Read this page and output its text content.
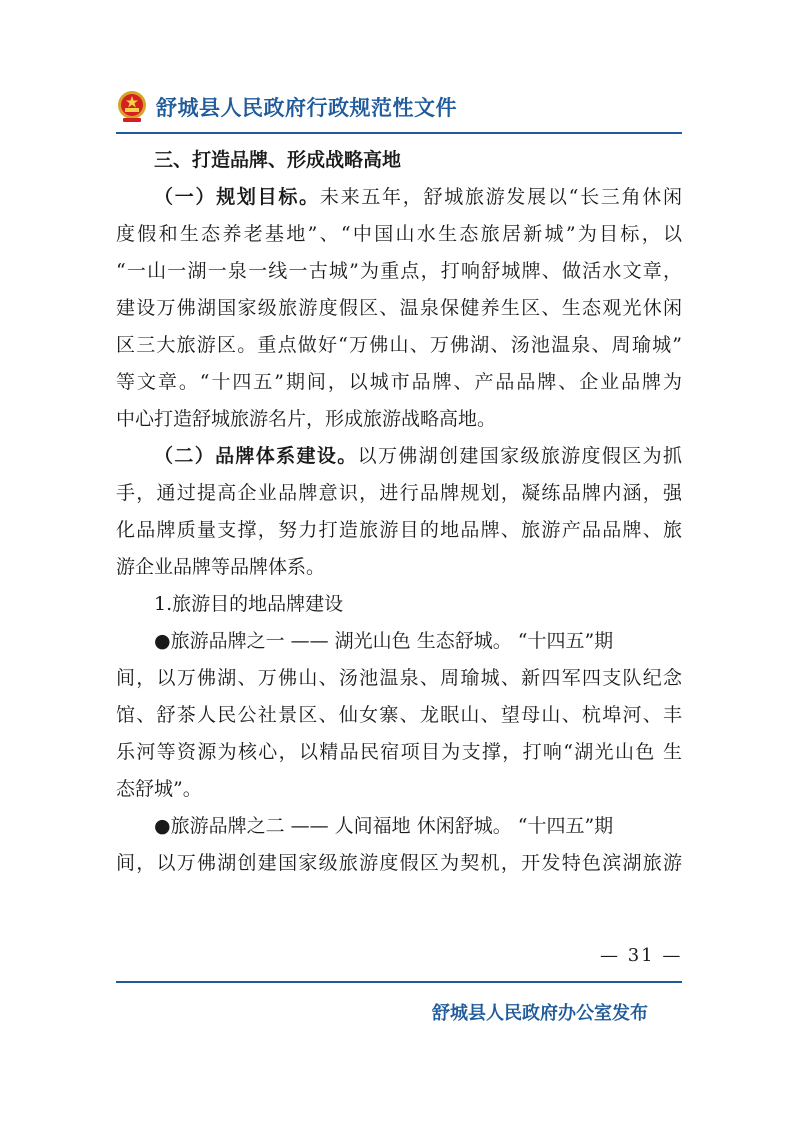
舒城县人民政府行政规范性文件
三、打造品牌、形成战略高地
（一）规划目标。未来五年，舒城旅游发展以“长三角休闲
度假和生态养老基地”、“中国山水生态旅居新城”为目标，以
“一山一湖一泉一线一古城”为重点，打响舒城牌、做活水文章，
建设万佛湖国家级旅游度假区、温泉保健养生区、生态观光休闲
区三大旅游区。重点做好“万佛山、万佛湖、汤池温泉、周瑜城”
等文章。“十四五”期间，以城市品牌、产品品牌、企业品牌为
中心打造舒城旅游名片，形成旅游战略高地。
（二）品牌体系建设。以万佛湖创建国家级旅游度假区为抓
手，通过提高企业品牌意识，进行品牌规划，凝练品牌内涵，强
化品牌质量支撑，努力打造旅游目的地品牌、旅游产品品牌、旅
游企业品牌等品牌体系。
1.旅游目的地品牌建设
●旅游品牌之一 —— 湖光山色 生态舒城。 “十四五”期
间，以万佛湖、万佛山、汤池温泉、周瑜城、新四军四支队纪念
馆、舒茶人民公社景区、仙女寨、龙眠山、望母山、杭埠河、丰
乐河等资源为核心，以精品民宿项目为支撑，打响“湖光山色 生
态舒城”。
●旅游品牌之二 —— 人间福地 休闲舒城。 “十四五”期
间，以万佛湖创建国家级旅游度假区为契机，开发特色滨湖旅游
— 31 —
舒城县人民政府办公室发布
